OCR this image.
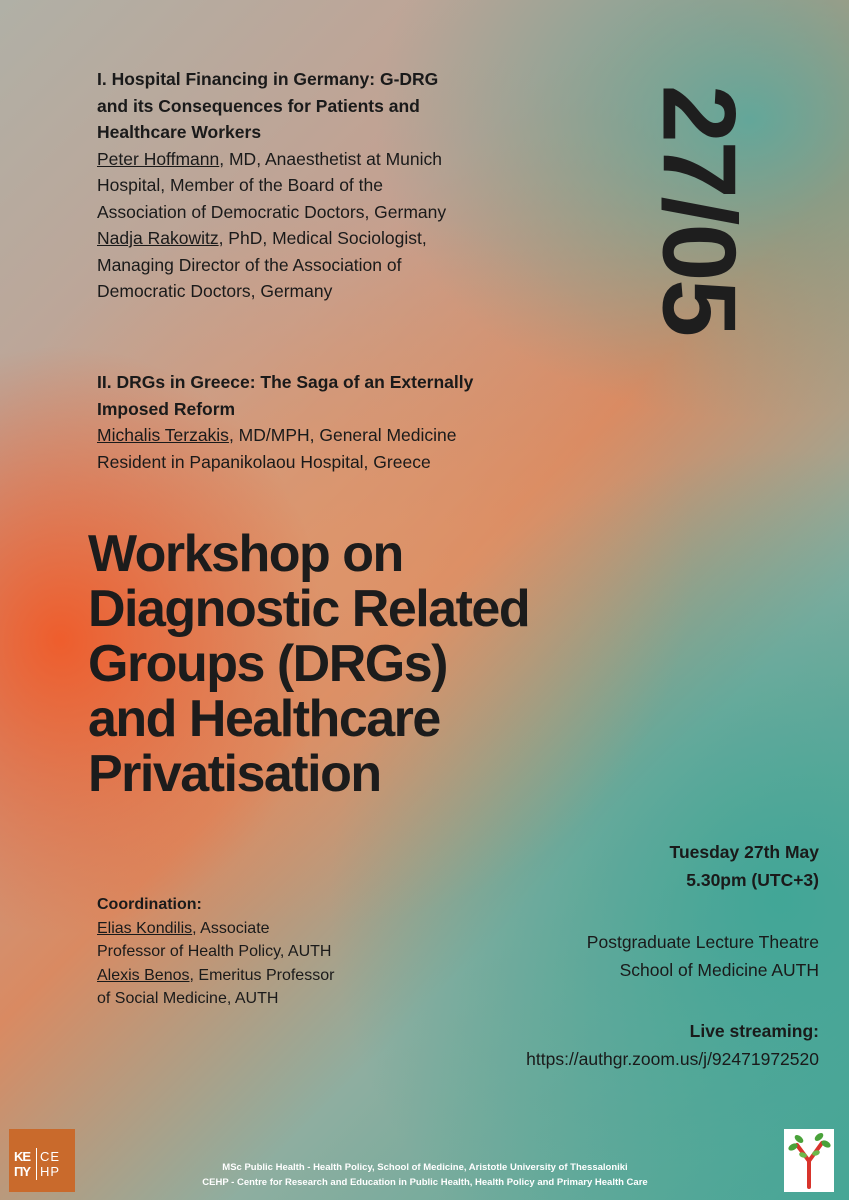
I. Hospital Financing in Germany: G-DRG
and its Consequences for Patients and
Healthcare Workers
Peter Hoffmann, MD, Anaesthetist at Munich
Hospital, Member of the Board of the
Association of Democratic Doctors, Germany
Nadja Rakowitz, PhD, Medical Sociologist,
Managing Director of the Association of
Democratic Doctors, Germany
II. DRGs in Greece: The Saga of an Externally
Imposed Reform
Michalis Terzakis, MD/MPH, General Medicine
Resident in Papanikolaou Hospital, Greece
27/05
Workshop on
Diagnostic Related
Groups (DRGs)
and Healthcare
Privatisation
Tuesday 27th May
5.30pm (UTC+3)
Postgraduate Lecture Theatre
School of Medicine AUTH
Live streaming:
https://authgr.zoom.us/j/92471972520
Coordination:
Elias Kondilis, Associate
Professor of Health Policy, AUTH
Alexis Benos, Emeritus Professor
of Social Medicine, AUTH
KE CE
ΠΥ HP	MSc Public Health - Health Policy, School of Medicine, Aristotle University of Thessaloniki
CEHP - Centre for Research and Education in Public Health, Health Policy and Primary Health Care
